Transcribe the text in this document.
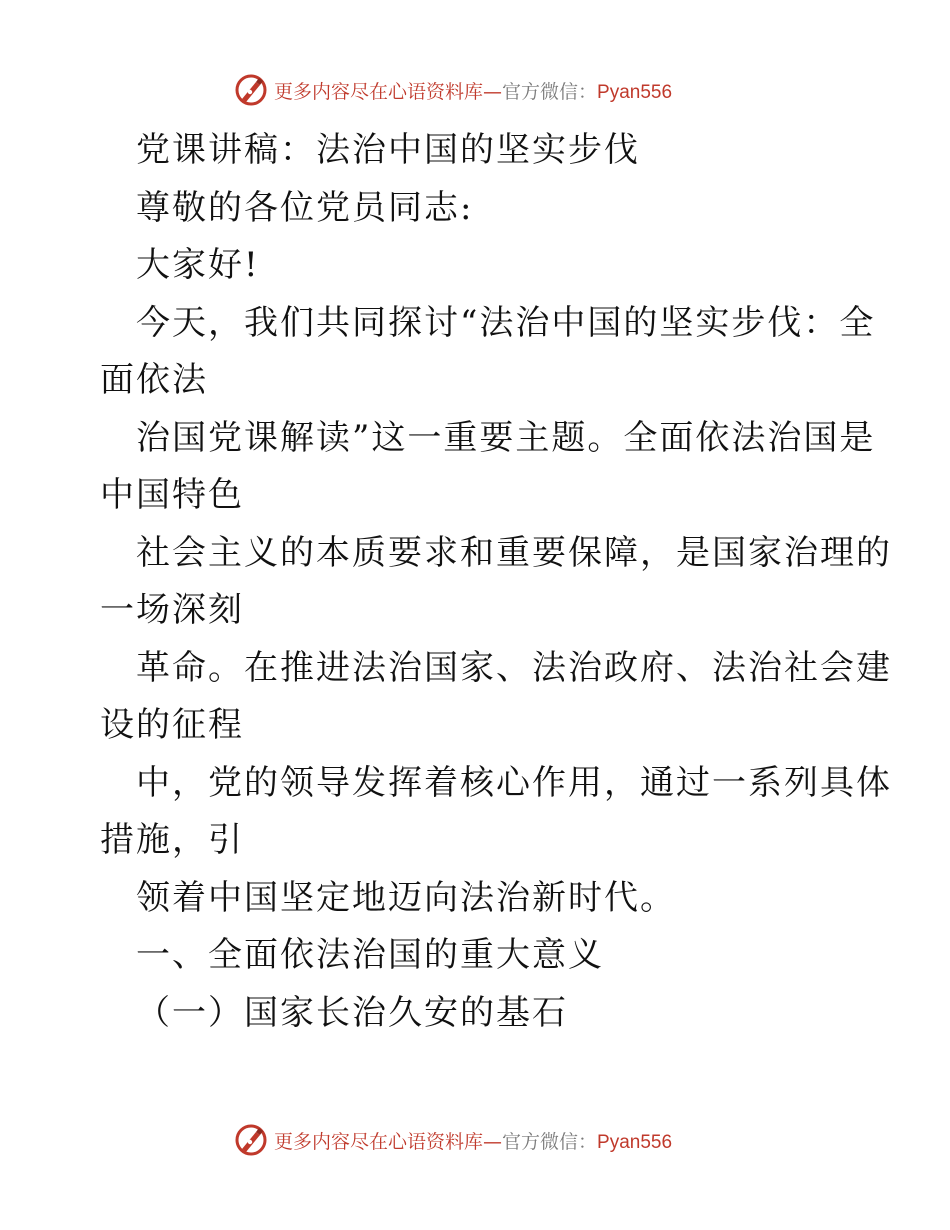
更多内容尽在心语资料库—官方微信：Pyan556
党课讲稿：法治中国的坚实步伐
尊敬的各位党员同志:
大家好!
今天，我们共同探讨“法治中国的坚实步伐：全
面依法
治国党课解读”这一重要主题。全面依法治国是
中国特色
社会主义的本质要求和重要保障，是国家治理的
一场深刻
革命。在推进法治国家、法治政府、法治社会建
设的征程
中，党的领导发挥着核心作用，通过一系列具体
措施，引
领着中国坚定地迈向法治新时代。
一、全面依法治国的重大意义
（一）国家长治久安的基石
更多内容尽在心语资料库—官方微信：Pyan556
